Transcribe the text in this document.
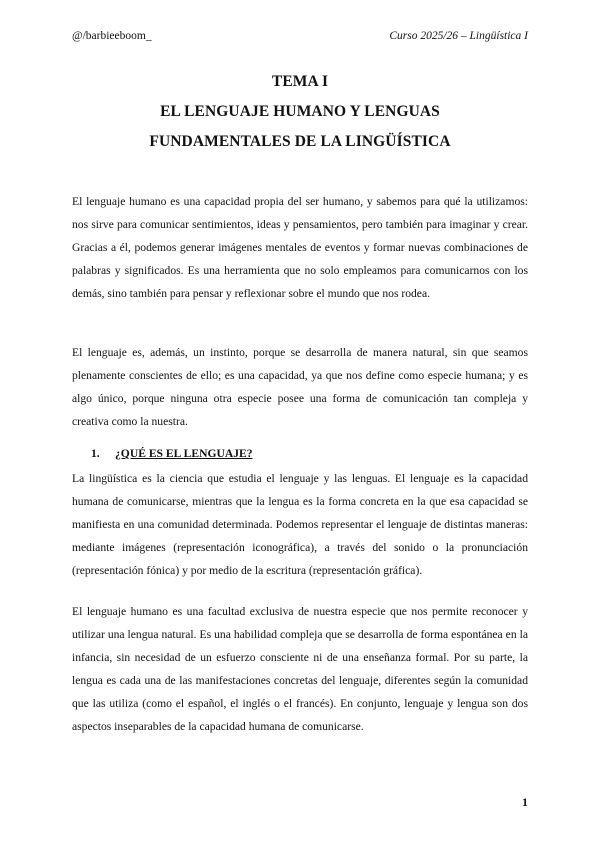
@/barbieeboom_	Curso 2025/26 – Lingüística I
TEMA I
EL LENGUAJE HUMANO Y LENGUAS
FUNDAMENTALES DE LA LINGÜÍSTICA

El lenguaje humano es una capacidad propia del ser humano, y sabemos para qué la utilizamos: nos sirve para comunicar sentimientos, ideas y pensamientos, pero también para imaginar y crear. Gracias a él, podemos generar imágenes mentales de eventos y formar nuevas combinaciones de palabras y significados. Es una herramienta que no solo empleamos para comunicarnos con los demás, sino también para pensar y reflexionar sobre el mundo que nos rodea.

El lenguaje es, además, un instinto, porque se desarrolla de manera natural, sin que seamos plenamente conscientes de ello; es una capacidad, ya que nos define como especie humana; y es algo único, porque ninguna otra especie posee una forma de comunicación tan compleja y creativa como la nuestra.

1. ¿QUÉ ES EL LENGUAJE?

La lingüística es la ciencia que estudia el lenguaje y las lenguas. El lenguaje es la capacidad humana de comunicarse, mientras que la lengua es la forma concreta en la que esa capacidad se manifiesta en una comunidad determinada. Podemos representar el lenguaje de distintas maneras: mediante imágenes (representación iconográfica), a través del sonido o la pronunciación (representación fónica) y por medio de la escritura (representación gráfica).

El lenguaje humano es una facultad exclusiva de nuestra especie que nos permite reconocer y utilizar una lengua natural. Es una habilidad compleja que se desarrolla de forma espontánea en la infancia, sin necesidad de un esfuerzo consciente ni de una enseñanza formal. Por su parte, la lengua es cada una de las manifestaciones concretas del lenguaje, diferentes según la comunidad que las utiliza (como el español, el inglés o el francés). En conjunto, lenguaje y lengua son dos aspectos inseparables de la capacidad humana de comunicarse.

1
